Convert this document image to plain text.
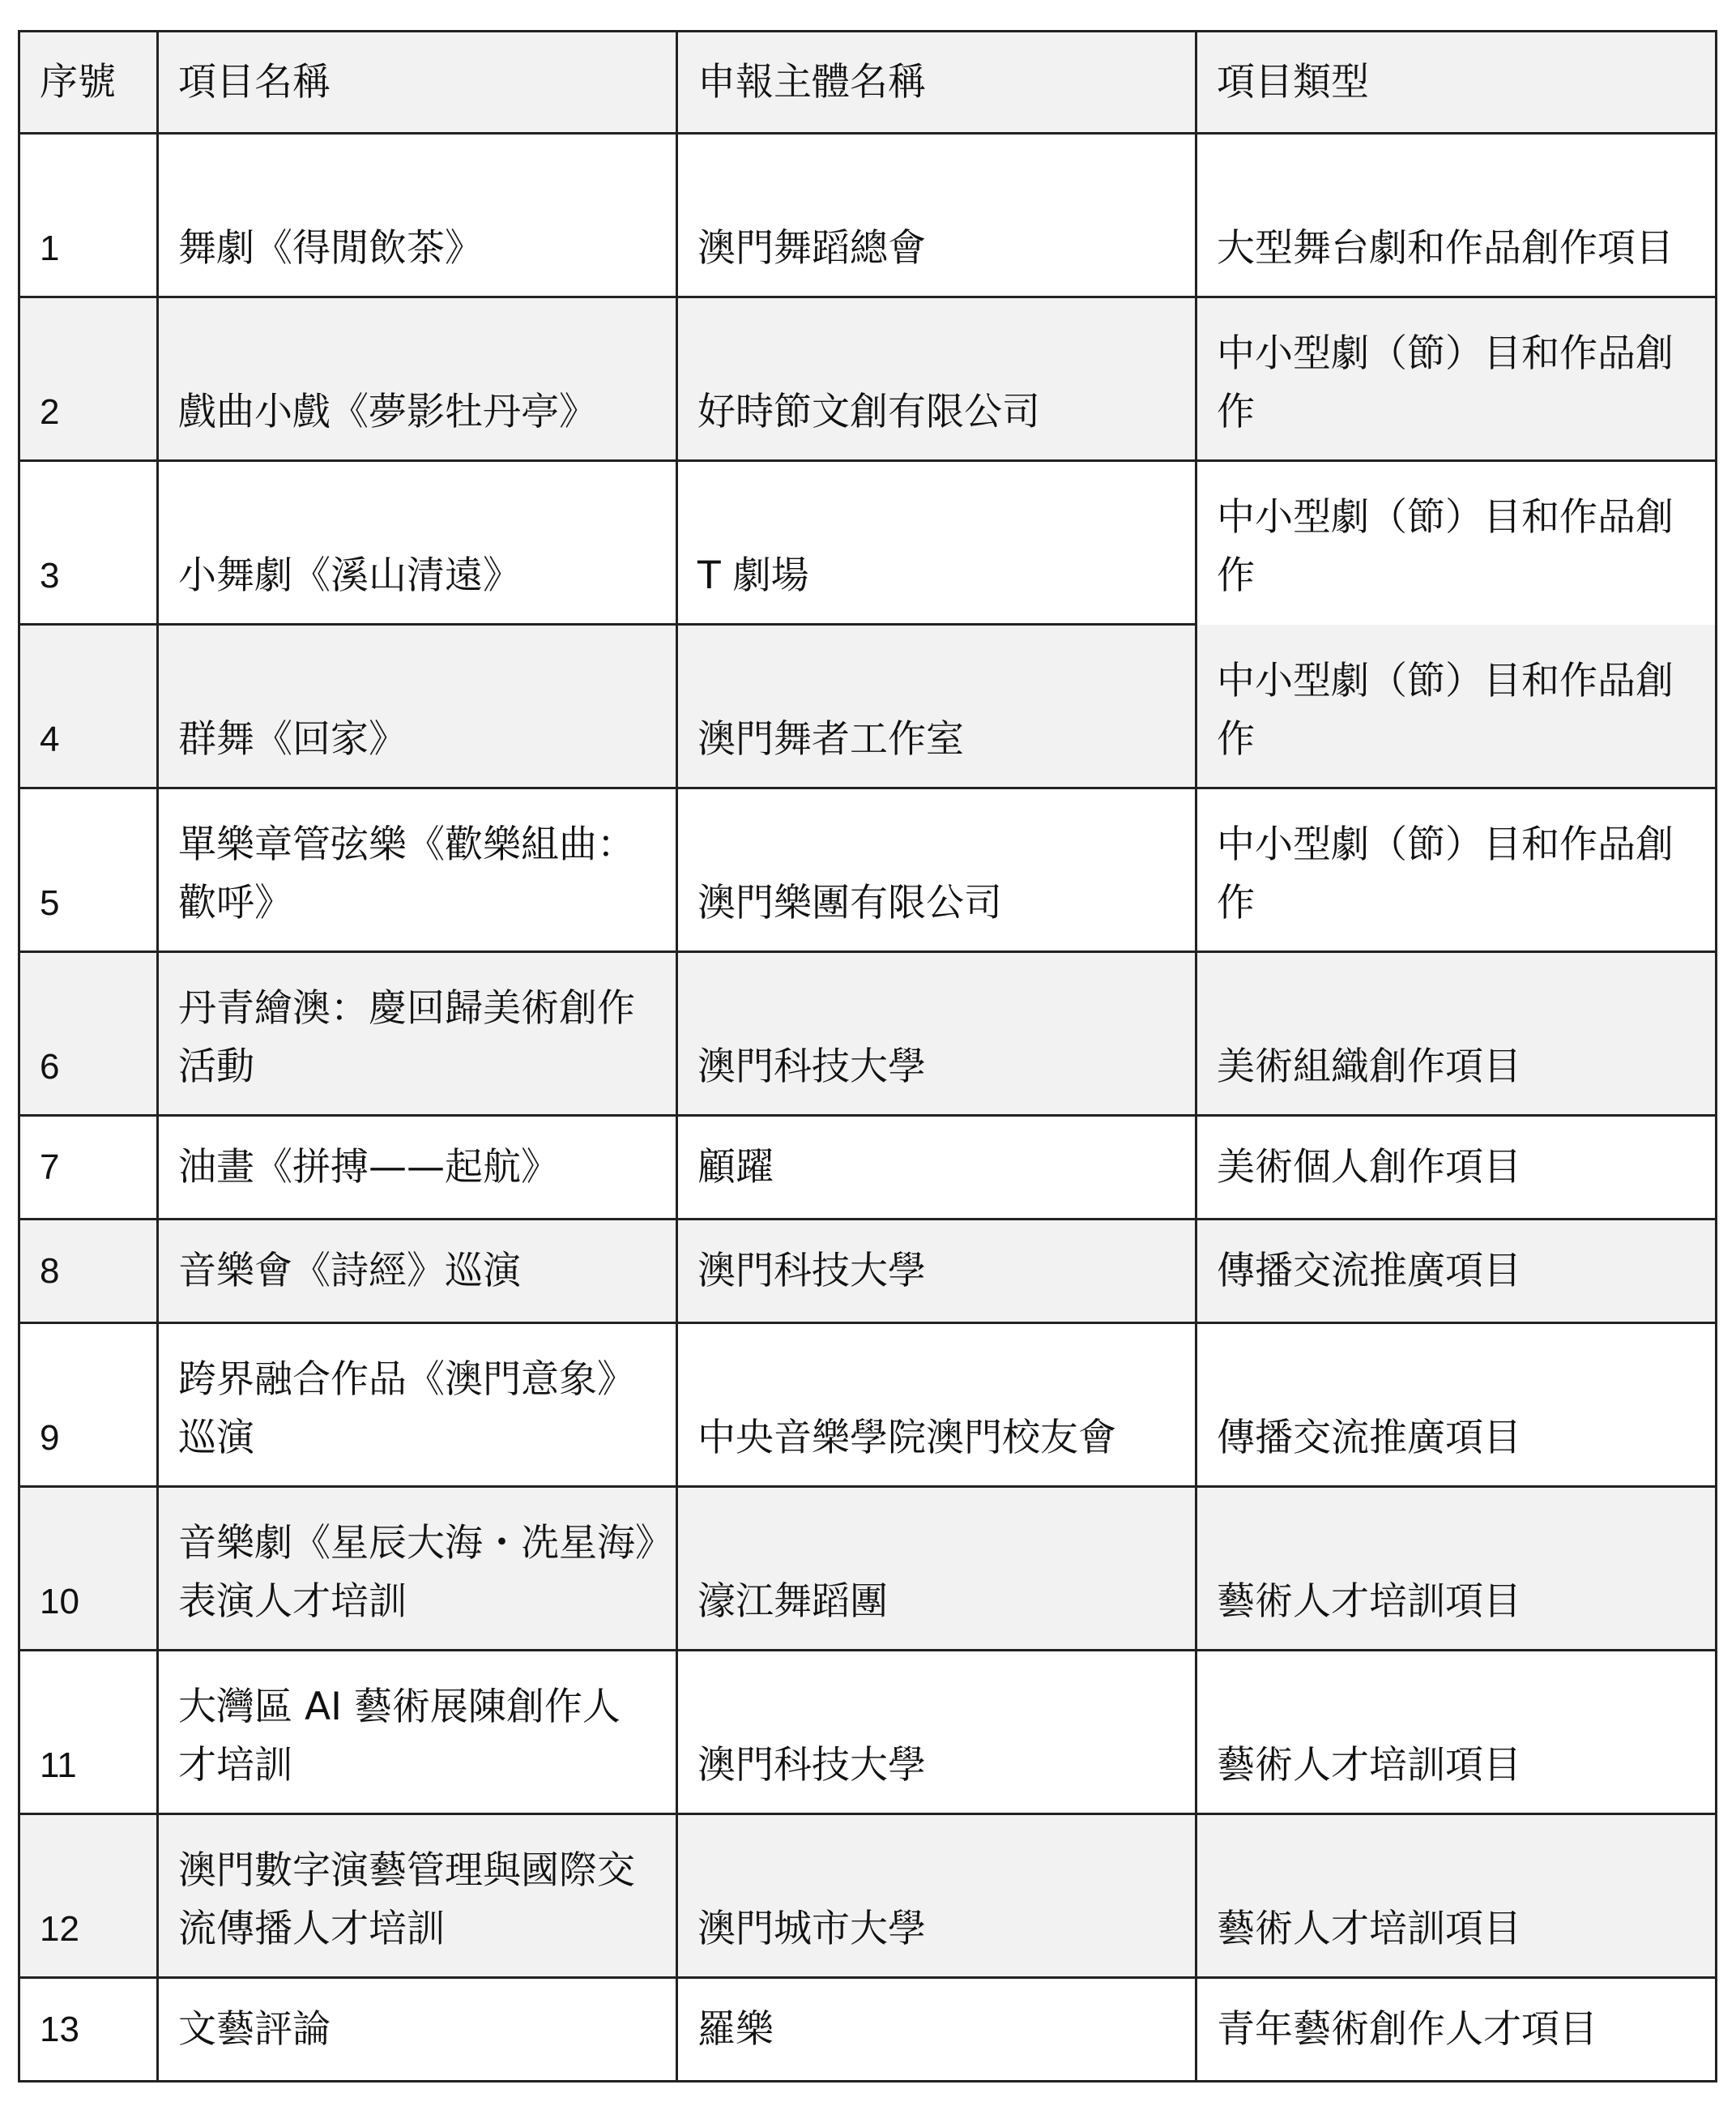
序號	項目名稱	申報主體名稱	項目類型
1	舞劇《得閒飲茶》	澳門舞蹈總會	大型舞台劇和作品創作項目
2	戲曲小戲《夢影牡丹亭》	好時節文創有限公司	中小型劇（節）目和作品創作
3	小舞劇《溪山清遠》	T 劇場	中小型劇（節）目和作品創作
4	群舞《回家》	澳門舞者工作室	中小型劇（節）目和作品創作
5	單樂章管弦樂《歡樂組曲：歡呼》	澳門樂團有限公司	中小型劇（節）目和作品創作
6	丹青繪澳：慶回歸美術創作活動	澳門科技大學	美術組織創作項目
7	油畫《拼搏——起航》	顧躍	美術個人創作項目
8	音樂會《詩經》巡演	澳門科技大學	傳播交流推廣項目
9	跨界融合作品《澳門意象》巡演	中央音樂學院澳門校友會	傳播交流推廣項目
10	音樂劇《星辰大海・冼星海》表演人才培訓	濠江舞蹈團	藝術人才培訓項目
11	大灣區 AI 藝術展陳創作人才培訓	澳門科技大學	藝術人才培訓項目
12	澳門數字演藝管理與國際交流傳播人才培訓	澳門城市大學	藝術人才培訓項目
13	文藝評論	羅樂	青年藝術創作人才項目
